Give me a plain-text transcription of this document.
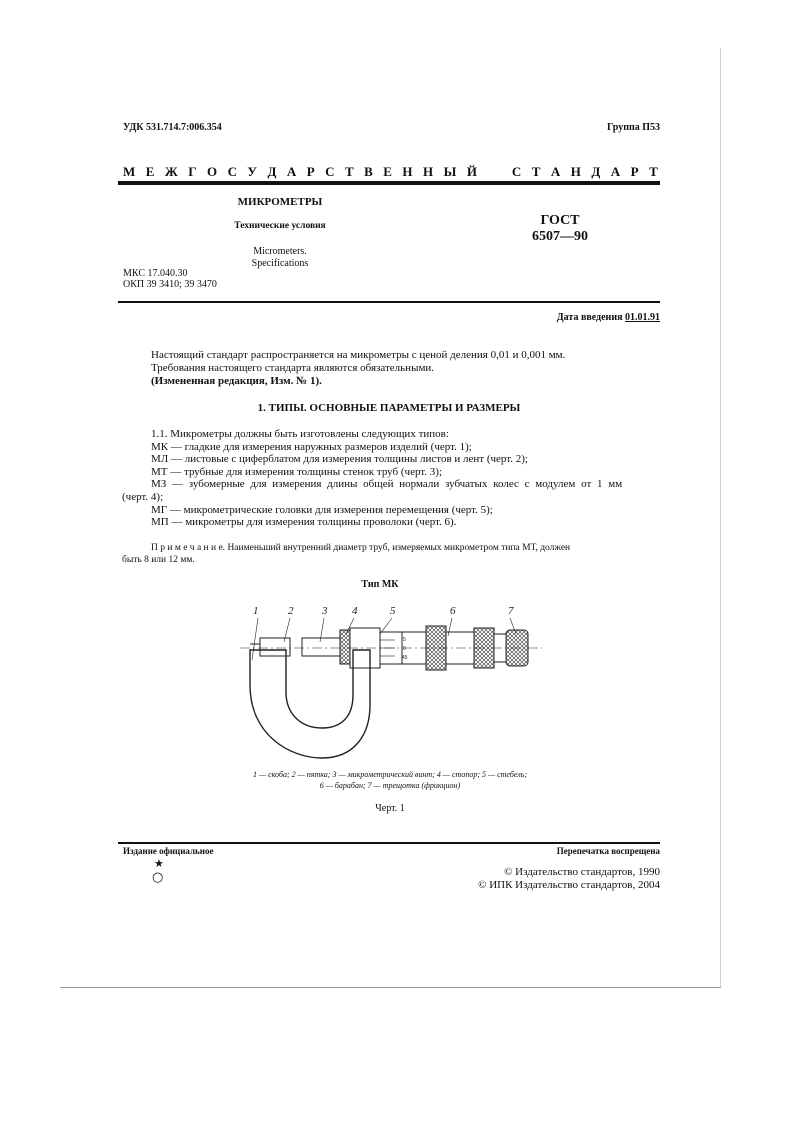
УДК 531.714.7:006.354	Группа П53
М Е Ж Г О С У Д А Р С Т В Е Н Н Ы Й	С Т А Н Д А Р Т
МИКРОМЕТРЫ
Технические условия
Micrometers.
Specifications
ГОСТ
6507—90
МКС 17.040.30
ОКП 39 3410; 39 3470
Дата введения 01.01.91
Настоящий стандарт распространяется на микрометры с ценой деления 0,01 и 0,001 мм.
Требования настоящего стандарта являются обязательными.
(Измененная редакция, Изм. № 1).
1. ТИПЫ. ОСНОВНЫЕ ПАРАМЕТРЫ И РАЗМЕРЫ
1.1. Микрометры должны быть изготовлены следующих типов:
МК — гладкие для измерения наружных размеров изделий (черт. 1);
МЛ — листовые с циферблатом для измерения толщины листов и лент (черт. 2);
МТ — трубные для измерения толщины стенок труб (черт. 3);
МЗ — зубомерные для измерения длины общей нормали зубчатых колес с модулем от 1 мм
(черт. 4);
МГ — микрометрические головки для измерения перемещения (черт. 5);
МП — микрометры для измерения толщины проволоки (черт. 6).
П р и м е ч а н и е. Наименьший внутренний диаметр труб, измеряемых микрометром типа МТ, должен
быть 8 или 12 мм.
Тип МК
1	2	3 4	5	6	7
5
0
45
1 — скоба; 2 — пятка; 3 — микрометрический винт; 4 — стопор; 5 — стебель;
6 — барабан; 7 — трещотка (фрикцион)
Черт. 1
Издание официальное	Перепечатка воспрещена
★
○	© Издательство стандартов, 1990
© ИПК Издательство стандартов, 2004
